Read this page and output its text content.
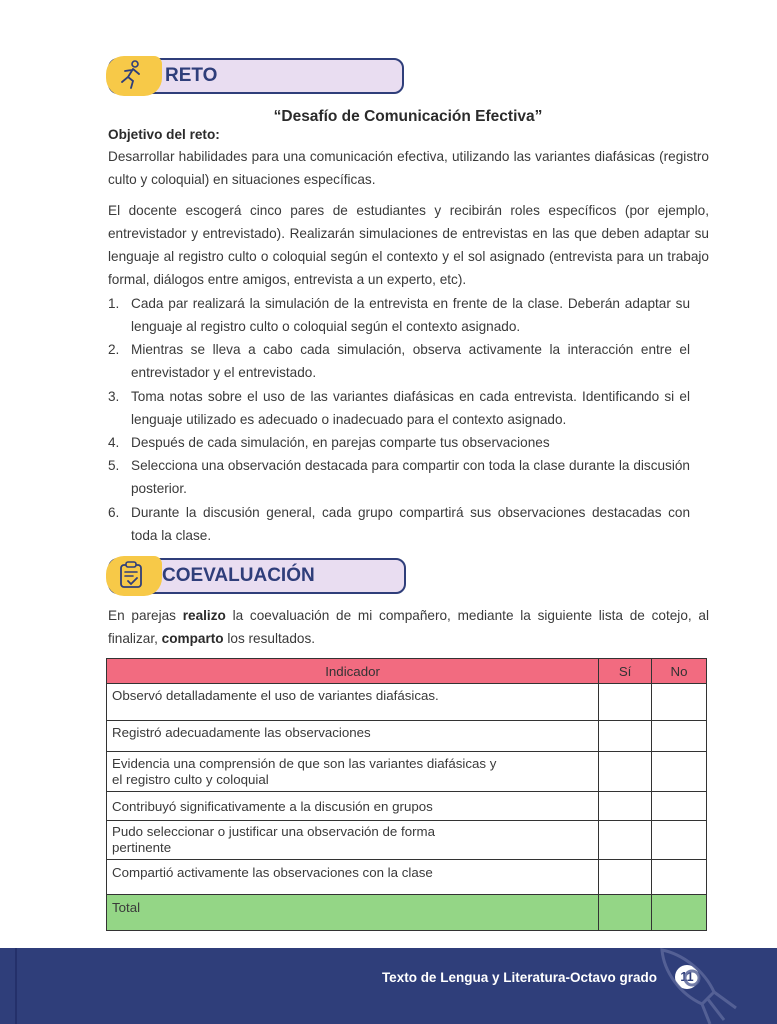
RETO
“Desafío de Comunicación Efectiva”
Objetivo del reto:
Desarrollar habilidades para una comunicación efectiva, utilizando las variantes diafásicas (registro culto y coloquial) en situaciones específicas.
El docente escogerá cinco pares de estudiantes y recibirán roles específicos (por ejemplo, entrevistador y entrevistado). Realizarán simulaciones de entrevistas en las que deben adaptar su lenguaje al registro culto o coloquial según el contexto y el sol asignado (entrevista para un trabajo formal, diálogos entre amigos, entrevista a un experto, etc).
1. Cada par realizará la simulación de la entrevista en frente de la clase. Deberán adaptar su lenguaje al registro culto o coloquial según el contexto asignado.
2. Mientras se lleva a cabo cada simulación, observa activamente la interacción entre el entrevistador y el entrevistado.
3. Toma notas sobre el uso de las variantes diafásicas en cada entrevista. Identificando si el lenguaje utilizado es adecuado o inadecuado para el contexto asignado.
4. Después de cada simulación, en parejas comparte tus observaciones
5. Selecciona una observación destacada para compartir con toda la clase durante la discusión posterior.
6. Durante la discusión general, cada grupo compartirá sus observaciones destacadas con toda la clase.
COEVALUACIÓN
En parejas realizo la coevaluación de mi compañero, mediante la siguiente lista de cotejo, al finalizar, comparto los resultados.
Indicador	Sí	No
Observó detalladamente el uso de variantes diafásicas.		
Registró adecuadamente las observaciones		
Evidencia una comprensión de que son las variantes diafásicas y el registro culto y coloquial		
Contribuyó significativamente a la discusión en grupos		
Pudo seleccionar o justificar una observación de forma pertinente		
Compartió activamente las observaciones con la clase		
Total		
Texto de Lengua y Literatura-Octavo grado	11
